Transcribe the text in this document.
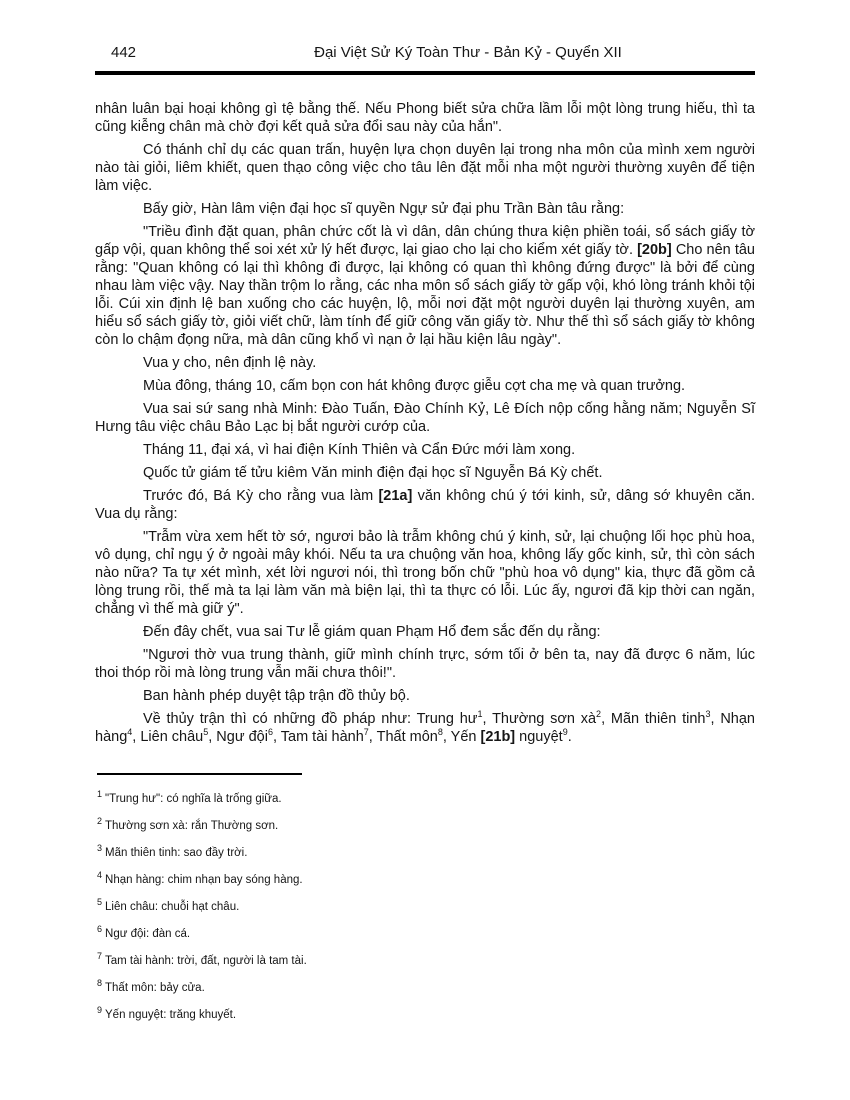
442	Đại Việt Sử Ký Toàn Thư - Bản Kỷ - Quyển XII

nhân luân bại hoại không gì tệ bằng thế. Nếu Phong biết sửa chữa lầm lỗi một lòng trung hiếu, thì ta cũng kiễng chân mà chờ đợi kết quả sửa đổi sau này của hắn".

Có thánh chỉ dụ các quan trấn, huyện lựa chọn duyên lại trong nha môn của mình xem người nào tài giỏi, liêm khiết, quen thạo công việc cho tâu lên đặt mỗi nha một người thường xuyên để tiện làm việc.

Bấy giờ, Hàn lâm viện đại học sĩ quyền Ngự sử đại phu Trần Bàn tâu rằng:

"Triều đình đặt quan, phân chức cốt là vì dân, dân chúng thưa kiện phiền toái, sổ sách giấy tờ gấp vội, quan không thể soi xét xử lý hết được, lại giao cho lại cho kiểm xét giấy tờ. [20b] Cho nên tâu rằng: "Quan không có lại thì không đi được, lại không có quan thì không đứng được" là bởi để cùng nhau làm việc vậy. Nay thần trộm lo rằng, các nha môn sổ sách giấy tờ gấp vội, khó lòng tránh khỏi tội lỗi. Cúi xin định lệ ban xuống cho các huyện, lộ, mỗi nơi đặt một người duyên lại thường xuyên, am hiểu sổ sách giấy tờ, giỏi viết chữ, làm tính để giữ công văn giấy tờ. Như thế thì sổ sách giấy tờ không còn lo chậm đọng nữa, mà dân cũng khổ vì nạn ở lại hầu kiện lâu ngày".

Vua y cho, nên định lệ này.

Mùa đông, tháng 10, cấm bọn con hát không được giễu cợt cha mẹ và quan trưởng.

Vua sai sứ sang nhà Minh: Đào Tuấn, Đào Chính Kỷ, Lê Đích nộp cống hằng năm; Nguyễn Sĩ Hưng tâu việc châu Bảo Lạc bị bắt người cướp của.

Tháng 11, đại xá, vì hai điện Kính Thiên và Cẩn Đức mới làm xong.

Quốc tử giám tế tửu kiêm Văn minh điện đại học sĩ Nguyễn Bá Kỳ chết.

Trước đó, Bá Kỳ cho rằng vua làm [21a] văn không chú ý tới kinh, sử, dâng sớ khuyên căn. Vua dụ rằng:

"Trẫm vừa xem hết tờ sớ, ngươi bảo là trẫm không chú ý kinh, sử, lại chuộng lối học phù hoa, vô dụng, chỉ ngụ ý ở ngoài mây khói. Nếu ta ưa chuộng văn hoa, không lấy gốc kinh, sử, thì còn sách nào nữa? Ta tự xét mình, xét lời ngươi nói, thì trong bốn chữ "phù hoa vô dụng" kia, thực đã gồm cả lòng trung rồi, thế mà ta lại làm văn mà biện lại, thì ta thực có lỗi. Lúc ấy, ngươi đã kịp thời can ngăn, chẳng vì thế mà giữ ý".

Đến đây chết, vua sai Tư lễ giám quan Phạm Hổ đem sắc đến dụ rằng:

"Ngươi thờ vua trung thành, giữ mình chính trực, sớm tối ở bên ta, nay đã được 6 năm, lúc thoi thóp rồi mà lòng trung vẫn mãi chưa thôi!".

Ban hành phép duyệt tập trận đồ thủy bộ.

Về thủy trận thì có những đồ pháp như: Trung $hư^1$, Thường sơn $xà^2$, Mãn thiên tinh$^3$, Nhạn hàng$^4$, Liên châu$^5$, Ngư đội$^6$, Tam tài hành$^7$, Thất môn$^8$, Yến [21b] nguyệt$^9$.

$^1$ "Trung hư": có nghĩa là trống giữa.
$^2$ Thường sơn xà: rắn Thường sơn.
$^3$ Mãn thiên tinh: sao đầy trời.
$^4$ Nhạn hàng: chim nhạn bay sóng hàng.
$^5$ Liên châu: chuỗi hạt châu.
$^6$ Ngư đội: đàn cá.
$^7$ Tam tài hành: trời, đất, người là tam tài.
$^8$ Thất môn: bảy cửa.
$^9$ Yến nguyệt: trăng khuyết.
